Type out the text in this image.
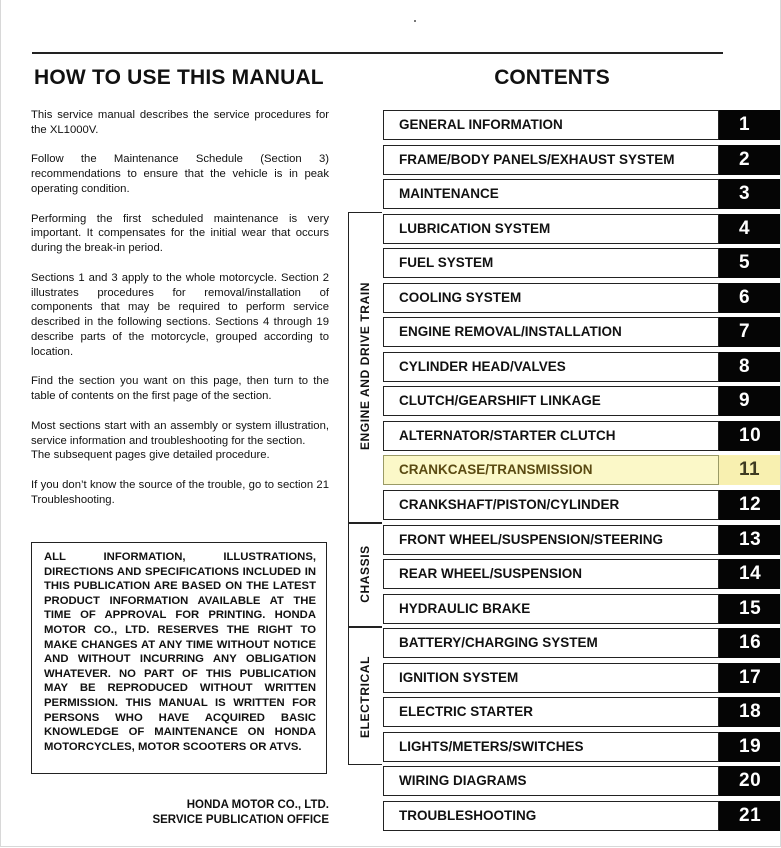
HOW TO USE THIS MANUAL	CONTENTS

This service manual describes the service procedures for the XL1000V.

Follow the Maintenance Schedule (Section 3) recommendations to ensure that the vehicle is in peak operating condition.

Performing the first scheduled maintenance is very important. It compensates for the initial wear that occurs during the break-in period.

Sections 1 and 3 apply to the whole motorcycle. Section 2 illustrates procedures for removal/installation of components that may be required to perform service described in the following sections. Sections 4 through 19 describe parts of the motorcycle, grouped according to location.

Find the section you want on this page, then turn to the table of contents on the first page of the section.

Most sections start with an assembly or system illustration, service information and troubleshooting for the section.

The subsequent pages give detailed procedure.

If you don’t know the source of the trouble, go to section 21 Troubleshooting.

ALL INFORMATION, ILLUSTRATIONS, DIRECTIONS AND SPECIFICATIONS INCLUDED IN THIS PUBLICATION ARE BASED ON THE LATEST PRODUCT INFORMATION AVAILABLE AT THE TIME OF APPROVAL FOR PRINTING. HONDA MOTOR CO., LTD. RESERVES THE RIGHT TO MAKE CHANGES AT ANY TIME WITHOUT NOTICE AND WITHOUT INCURRING ANY OBLIGATION WHATEVER. NO PART OF THIS PUBLICATION MAY BE REPRODUCED WITHOUT WRITTEN PERMISSION. THIS MANUAL IS WRITTEN FOR PERSONS WHO HAVE ACQUIRED BASIC KNOWLEDGE OF MAINTENANCE ON HONDA MOTORCYCLES, MOTOR SCOOTERS OR ATVS.
HONDA MOTOR CO., LTD.
SERVICE PUBLICATION OFFICE
ENGINE AND DRIVE TRAIN
CHASSIS
ELECTRICAL
GENERAL INFORMATION	1
FRAME/BODY PANELS/EXHAUST SYSTEM	2
MAINTENANCE	3
LUBRICATION SYSTEM	4
FUEL SYSTEM	5
COOLING SYSTEM	6
ENGINE REMOVAL/INSTALLATION	7
CYLINDER HEAD/VALVES	8
CLUTCH/GEARSHIFT LINKAGE	9
ALTERNATOR/STARTER CLUTCH	10
CRANKCASE/TRANSMISSION	11
CRANKSHAFT/PISTON/CYLINDER	12
FRONT WHEEL/SUSPENSION/STEERING	13
REAR WHEEL/SUSPENSION	14
HYDRAULIC BRAKE	15
BATTERY/CHARGING SYSTEM	16
IGNITION SYSTEM	17
ELECTRIC STARTER	18
LIGHTS/METERS/SWITCHES	19
WIRING DIAGRAMS	20
TROUBLESHOOTING	21
